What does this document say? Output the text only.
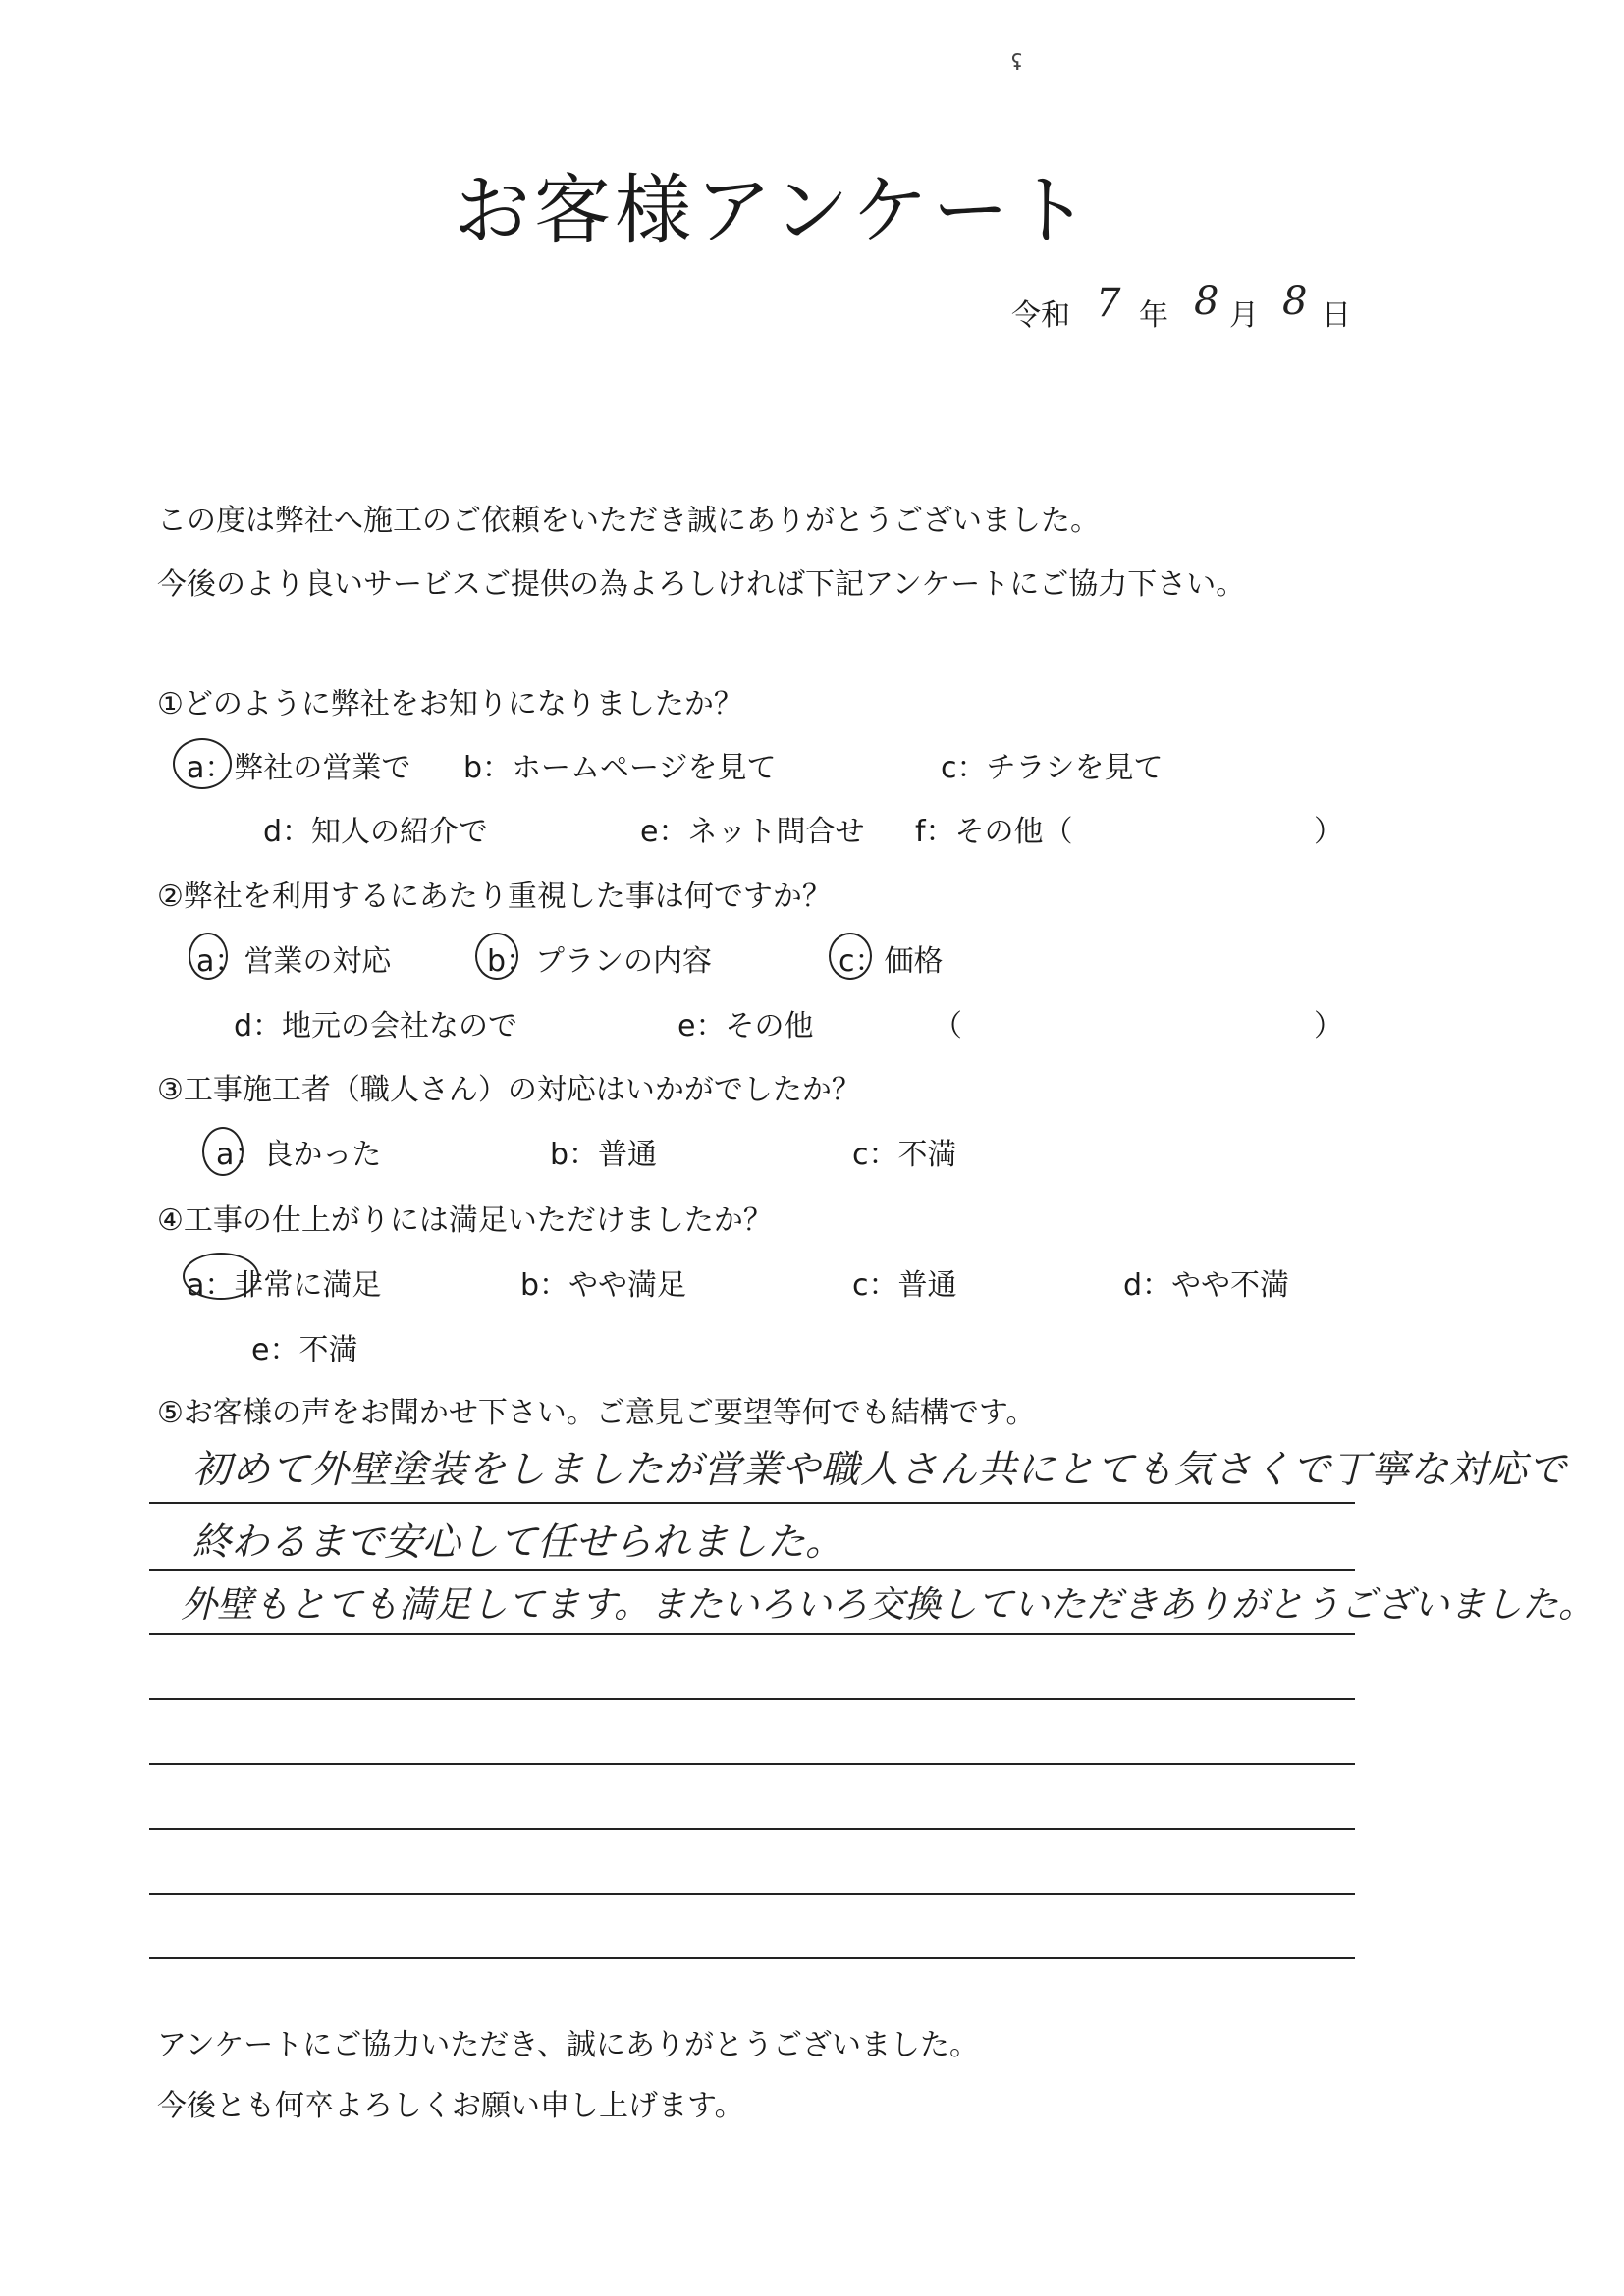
ʢ
お客様アンケート
令和 7 年 8 月 8 日
この度は弊社へ施工のご依頼をいただき誠にありがとうございました。
今後のより良いサービスご提供の為よろしければ下記アンケートにご協力下さい。
①どのように弊社をお知りになりましたか？
a：弊社の営業で b：ホームページを見て	c：チラシを見て
d：知人の紹介で	e：ネット問合せ f：その他（	）
②弊社を利用するにあたり重視した事は何ですか？
a：営業の対応	b：プランの内容	c：価格
d：地元の会社なので	e：その他	（	）
③工事施工者（職人さん）の対応はいかがでしたか？
a：良かった	b：普通	c：不満
④工事の仕上がりには満足いただけましたか？
a：非常に満足	b：やや満足	c：普通	d：やや不満
e：不満
⑤お客様の声をお聞かせ下さい。ご意見ご要望等何でも結構です。
初めて外壁塗装をしましたが営業や職人さん共にとても気さくで丁寧な対応で
終わるまで安心して任せられました。
外壁もとても満足してます。またいろいろ交換していただきありがとうございました。
アンケートにご協力いただき、誠にありがとうございました。
今後とも何卒よろしくお願い申し上げます。
